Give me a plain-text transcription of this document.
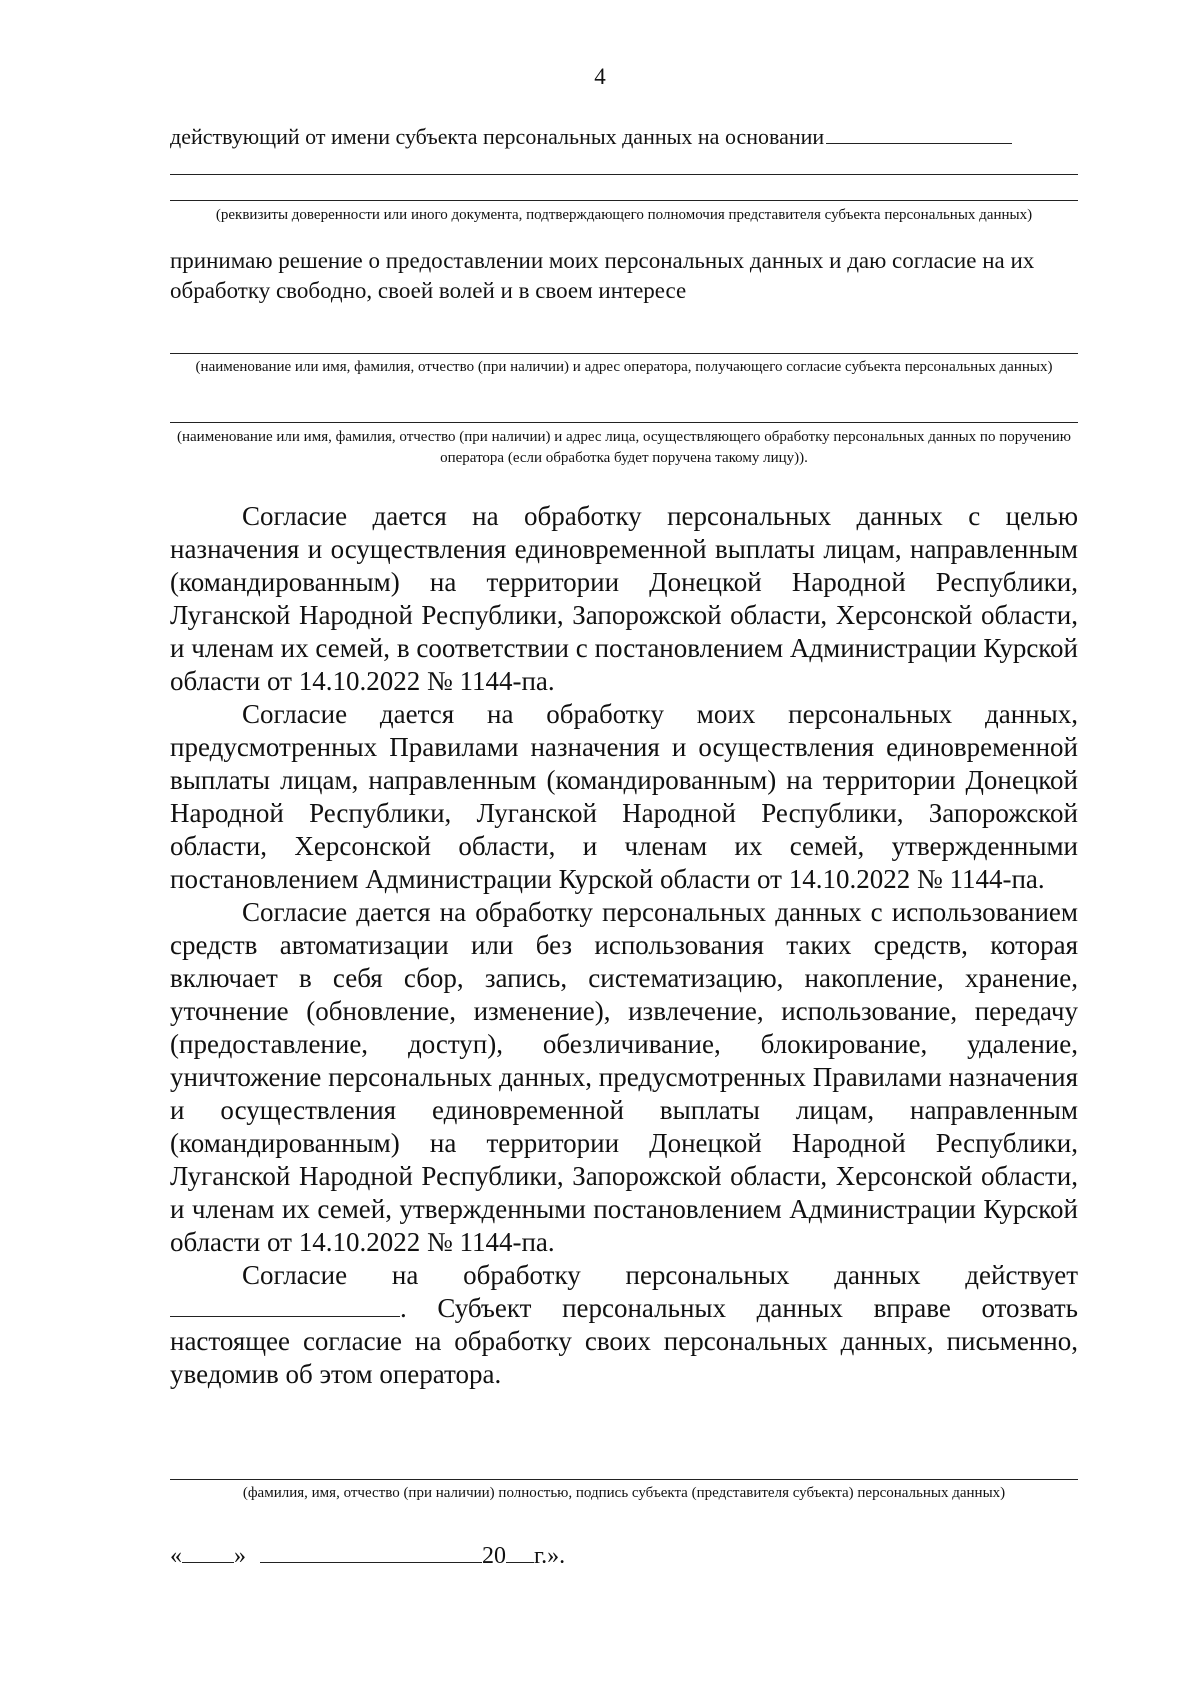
4
действующий от имени субъекта персональных данных на основании
(реквизиты доверенности или иного документа, подтверждающего полномочия представителя субъекта персональных данных)
принимаю решение о предоставлении моих персональных данных и даю согласие на их обработку свободно, своей волей и в своем интересе
(наименование или имя, фамилия, отчество (при наличии) и адрес оператора, получающего согласие субъекта персональных данных)
(наименование или имя, фамилия, отчество (при наличии) и адрес лица, осуществляющего обработку персональных данных по поручению оператора (если обработка будет поручена такому лицу)).

Согласие дается на обработку персональных данных с целью назначения и осуществления единовременной выплаты лицам, направленным (командированным) на территории Донецкой Народной Республики, Луганской Народной Республики, Запорожской области, Херсонской области, и членам их семей, в соответствии с постановлением Администрации Курской области от 14.10.2022 № 1144-па.

Согласие дается на обработку моих персональных данных, предусмотренных Правилами назначения и осуществления единовременной выплаты лицам, направленным (командированным) на территории Донецкой Народной Республики, Луганской Народной Республики, Запорожской области, Херсонской области, и членам их семей, утвержденными постановлением Администрации Курской области от 14.10.2022 № 1144-па.

Согласие дается на обработку персональных данных с использованием средств автоматизации или без использования таких средств, которая включает в себя сбор, запись, систематизацию, накопление, хранение, уточнение (обновление, изменение), извлечение, использование, передачу (предоставление, доступ), обезличивание, блокирование, удаление, уничтожение персональных данных, предусмотренных Правилами назначения и осуществления единовременной выплаты лицам, направленным (командированным) на территории Донецкой Народной Республики, Луганской Народной Республики, Запорожской области, Херсонской области, и членам их семей, утвержденными постановлением Администрации Курской области от 14.10.2022 № 1144-па.

Согласие на обработку персональных данных действует . Субъект персональных данных вправе отозвать настоящее согласие на обработку своих персональных данных, письменно, уведомив об этом оператора.

(фамилия, имя, отчество (при наличии) полностью, подпись субъекта (представителя субъекта) персональных данных)
« »	20 г.».
